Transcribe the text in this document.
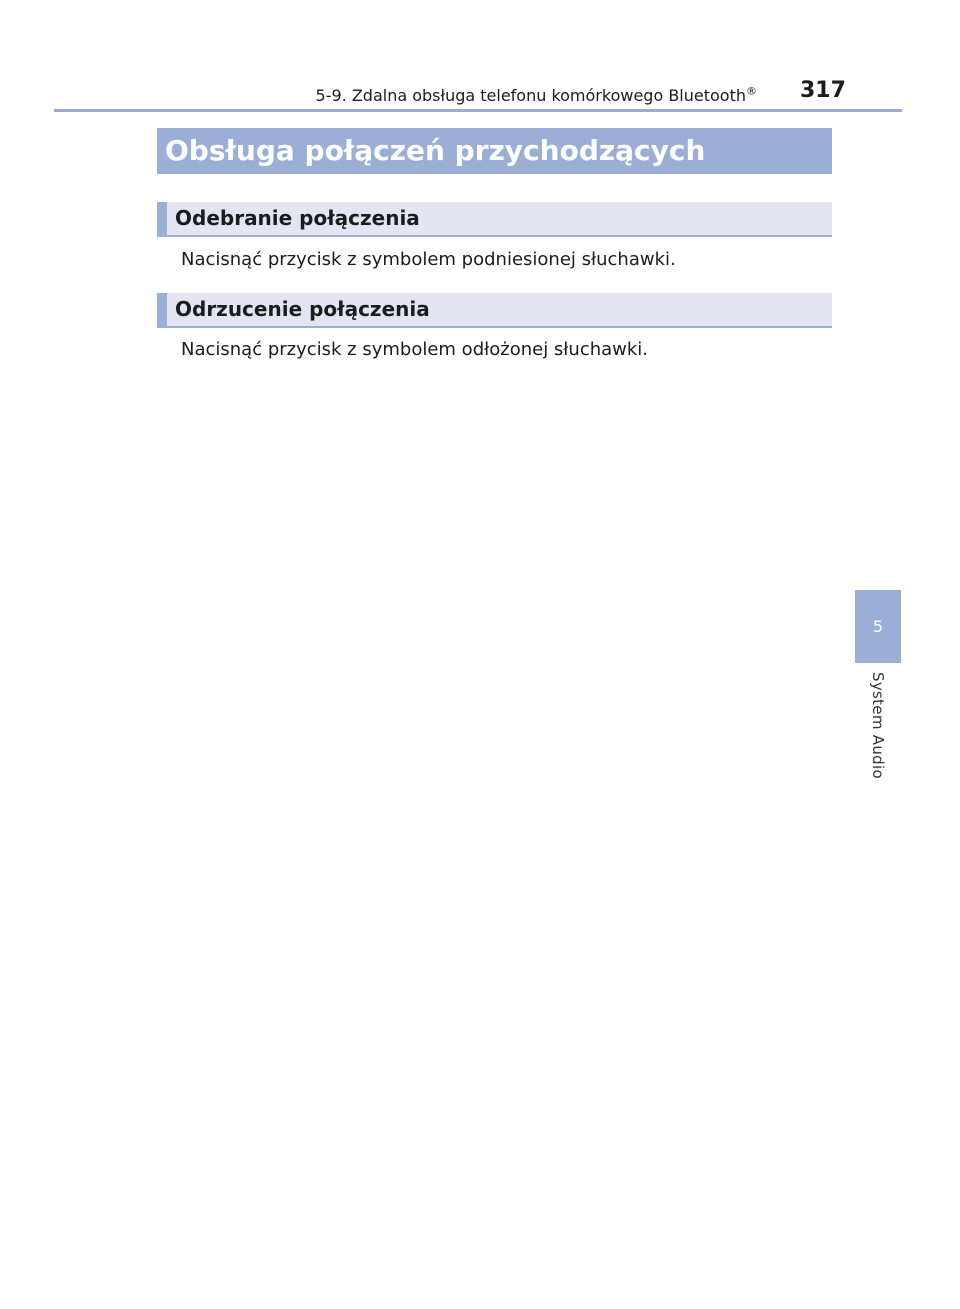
5-9. Zdalna obsługa telefonu komórkowego Bluetooth® 317
Obsługa połączeń przychodzących
Odebranie połączenia
Nacisnąć przycisk z symbolem podniesionej słuchawki.
Odrzucenie połączenia
Nacisnąć przycisk z symbolem odłożonej słuchawki.
5
System Audio
